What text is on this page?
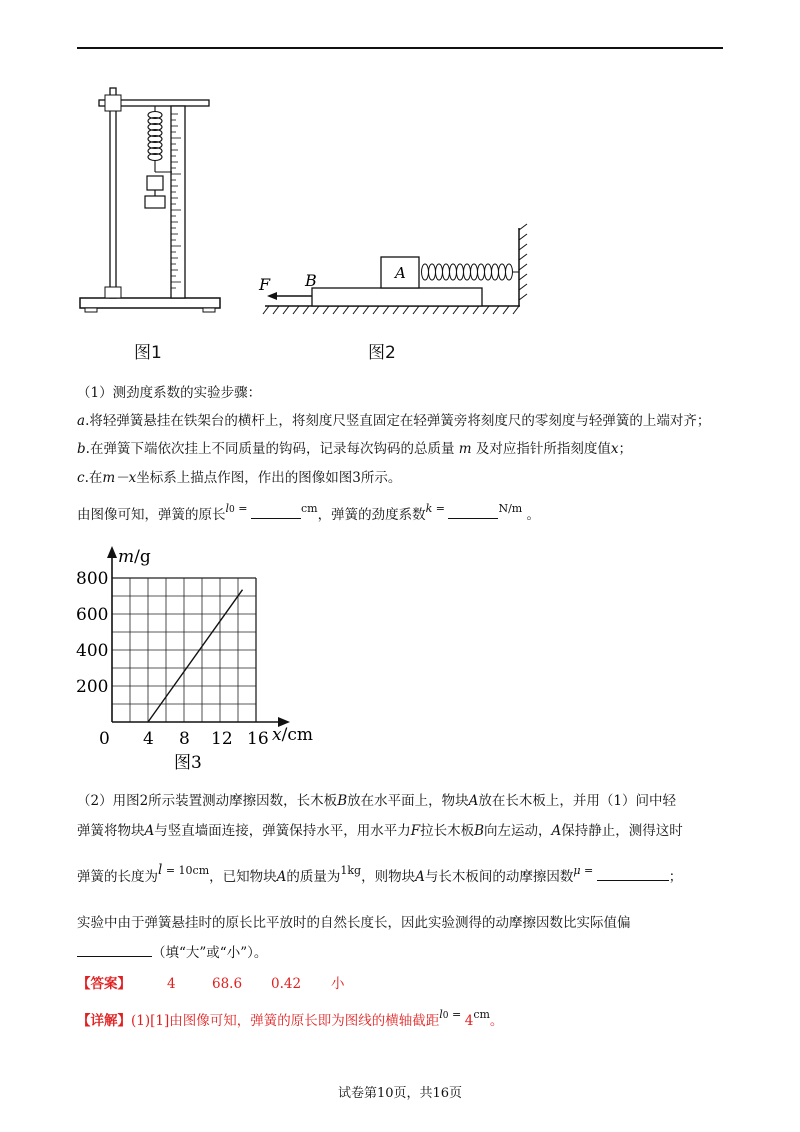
A
F B
图1	图2
（1）测劲度系数的实验步骤：
a.将轻弹簧悬挂在铁架台的横杆上，将刻度尺竖直固定在轻弹簧旁将刻度尺的零刻度与轻弹簧的上端对齐；
b.在弹簧下端依次挂上不同质量的钩码，记录每次钩码的总质量 m 及对应指针所指刻度值x；
c.在m－x坐标系上描点作图，作出的图像如图3所示。
由图像可知，弹簧的原长l0 =	$^{cm}$，弹簧的劲度系数k =	$^{N/m}$ 。
0 4 8 12 16
200
400
600
800
m/g
x/cm
图3
（2）用图2所示装置测动摩擦因数，长木板B放在水平面上，物块A放在长木板上，并用（1）问中轻
弹簧将物块A与竖直墙面连接，弹簧保持水平，用水平力F拉长木板B向左运动，A保持静止，测得这时
弹簧的长度为l = 10cm，已知物块A的质量为$^{1kg}$，则物块A与长木板间的动摩擦因数μ =	；
实验中由于弹簧悬挂时的原长比平放时的自然长度长，因此实验测得的动摩擦因数比实际值偏
（填“大”或“小”）。
【答案】	4	68.6 0.42 小
【详解】(1)[1]由图像可知，弹簧的原长即为图线的横轴截距$l0 = 4^{cm}$。
试卷第10页，共16页
